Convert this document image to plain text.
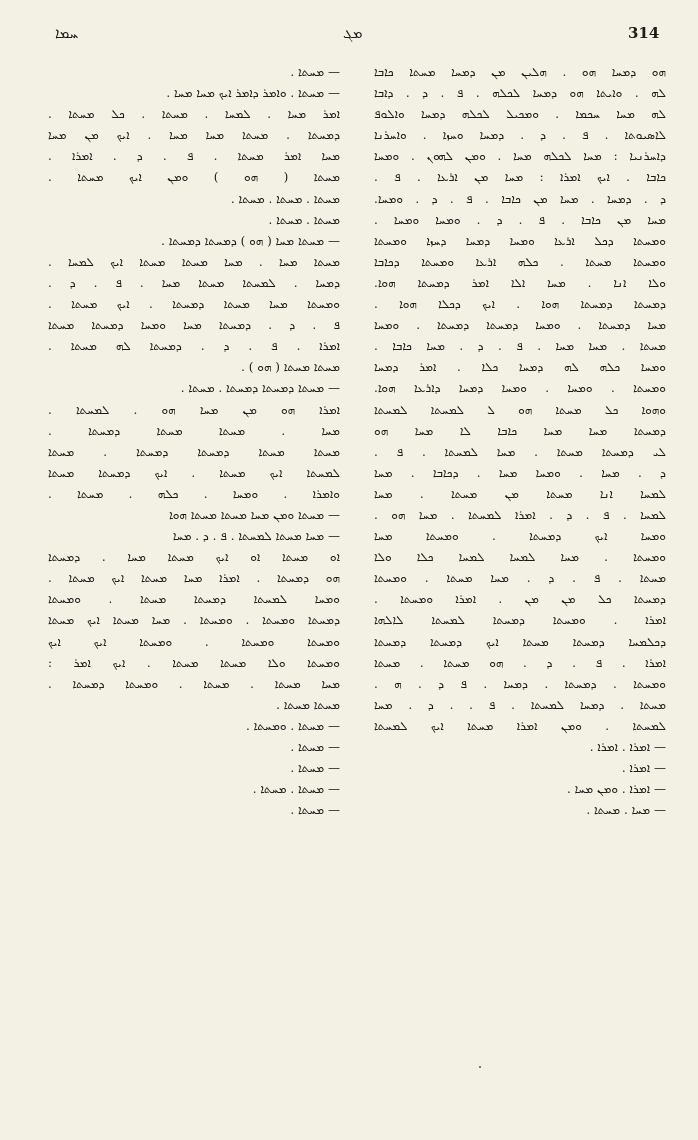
ܚܡܐ	ܡܓ	314
ܗܘ ܕܡܚܐ ܗܘ . ܗܠܝܢ ܡܢ ܕܡܚܐ ܡܚܬܐ ܟܐܒܐ
ܠܗ . ܘܐܝܬܐ ܗܘ ܕܡܚܐ ܠܟܠܗ . ܦ . ܕ . ܕܐܒܐ
ܠܗ ܡܚܐ ܚܟܡܐ . ܘܡܟܝܠ ܠܟܠܗ ܕܡܚܐ ܘܐܠܘܦ
ܠܐܣܝܘܬܐ . ܦ . ܕ . ܕܡܚܐ ܘܚܙܐ . ܘܐܚܪܢܐ
ܕܐܚܪܢܝܐ : ܡܚܐ ܠܟܠܗ ܡܚܐ . ܘܡܢ ܠܗܘܢ . ܘܡܚܐ
ܟܐܒܐ . ܐܝܟ ܐܡܪܐ : ܡܚܐ ܡܢ ܐܪܥܐ . ܦ .
ܕ . ܕܡܚܐ . ܡܚܐ ܡܢ ܟܐܒܐ . ܦ . ܕ . ܘܡܚܐ.
ܡܚܐ ܡܢ ܟܐܒܐ . ܦ . ܕ . ܘܡܚܐ ܘܡܚܐ .
ܘܡܚܬܐ ܕܟܠ ܐܪܥܐ ܘܡܚܐ ܕܡܚܐ ܕܚܙܐ ܘܡܚܬܐ
ܘܡܚܬܐ ܡܚܬܐ . ܟܠܗ ܐܪܥܐ ܘܡܚܬܐ ܕܟܐܒܐ
ܘܠܐ ܐܢܐ . ܡܚܐ ܐܠܐ ܐܡܪ ܕܡܚܬܐ ܗܘܐ.
ܕܡܚܬܐ ܕܡܚܬܐ ܗܘܐ . ܐܝܟ ܕܟܠܐ ܗܘܐ .
ܡܚܐ ܕܡܚܬܐ . ܘܡܚܐ ܕܡܚܬܐ ܕܡܚܬܐ . ܘܡܚܐ
ܡܚܬܐ . ܡܚܐ ܡܚܐ . ܦ . ܕ . ܡܚܐ ܟܐܒܐ .
ܘܡܚܐ ܟܠܗ ܠܗ ܕܡܚܐ ܟܠܐ . ܐܡܪ ܕܡܚܐ
ܘܡܚܬܐ . ܘܡܚܐ . ܘܡܚܐ ܕܡܚܐ ܕܐܪܥܐ ܗܘܐ.
ܘܗܘܐ ܟܠ ܡܚܬܐ ܗܘ ܠ ܠܡܚܬܐ ܠܡܚܬܐ
ܕܡܚܬܐ ܡܚܐ ܡܚܐ ܟܐܒܐ ܠܐ ܡܚܐ ܗܘ
ܠܝ ܕܡܚܬܐ ܡܚܬܐ . ܡܚܐ ܠܡܚܬܐ . ܦ .
ܕ . ܡܚܐ . ܘܡܚܐ ܡܚܐ . ܕܟܐܒܐ . ܡܚܐ
ܠܡܚܐ ܐܢܐ ܡܚܬܐ ܡܢ ܡܚܬܐ . ܡܚܐ
ܠܡܚܐ . ܦ . ܕ . ܐܡܪܐ ܠܡܚܬܐ . ܡܚܐ ܗܘ .
ܘܡܚܐ ܐܝܟ ܕܡܚܬܐ . ܘܡܚܬܐ ܡܚܐ
ܘܡܚܬܐ . ܡܚܐ ܠܡܚܐ ܠܡܚܐ ܟܠܐ ܘܠܐ
ܡܚܬܐ . ܦ . ܕ . ܡܚܐ ܡܚܬܐ . ܘܡܚܬܐ
ܕܡܚܬܐ ܟܠ ܡܢ ܡܢ . ܐܡܪܐ ܘܡܚܬܐ .
ܐܡܪܐ . ܘܡܚܬܐ ܕܡܚܬܐ ܠܡܚܬܐ ܠܐܠܗܐ
ܕܟܠܡܚܐ ܕܡܚܬܐ ܡܚܬܐ ܐܝܟ ܕܡܚܬܐ ܕܡܚܬܐ
ܐܡܪܐ . ܦ . ܕ . ܗܘ ܡܚܬܐ . ܡܚܬܐ
ܘܡܚܬܐ . ܕܡܚܬܐ . ܕܡܚܐ . ܦ ܕ . ܗ .
ܡܚܬܐ . ܕܡܚܐ ܠܡܚܬܐ . ܦ . . ܕ . ܡܚܐ
ܠܡܚܬܐ . ܘܡܢ ܐܡܪܐ ܡܚܬܐ ܐܝܟ ܠܡܚܬܐ
— ܐܡܪܐ . ܐܡܪܐ .
— ܐܡܪܐ .
— ܐܡܪܐ . ܘܡܢ ܡܚܐ .
— ܡܚܐ . ܡܚܬܐ .
— ܡܚܬܐ .
— ܡܚܬܐ . ܘܐܡܪ ܕܐܡܪ ܐܝܟ ܡܚܐ ܡܚܐ .
ܐܡܪ ܡܚܐ . ܠܡܚܐ . ܡܚܬܐ . ܟܠ ܡܚܬܐ .
ܕܡܚܬܐ . ܡܚܬܐ ܡܚܐ ܡܚܐ . ܐܝܟ ܡܢ ܡܚܐ
ܡܚܐ ܐܡܪ ܡܚܬܐ . ܦ . ܕ . ܐܡܪܐ .
ܡܚܬܐ ( ܗܘ ) ܘܡܢ ܐܝܟ ܡܚܬܐ .
ܡܚܬܐ . ܡܚܬܐ . ܡܚܬܐ .
ܡܚܬܐ . ܡܚܬܐ .
— ܡܚܬܐ ܡܚܐ ( ܗܘ ) ܕܡܚܬܐ ܕܡܚܬܐ .
ܡܚܬܐ ܡܚܐ . ܡܚܐ ܡܚܬܐ ܡܚܬܐ ܐܝܟ ܠܡܚܐ .
ܕܡܚܐ . ܠܡܚܬܐ ܡܚܬܐ ܡܚܐ . ܦ . ܕ .
ܘܡܚܬܐ ܡܚܐ ܡܚܬܐ ܕܡܚܬܐ . ܐܝܟ ܡܚܬܐ .
ܦ . ܕ . ܕܡܚܬܐ ܡܚܐ ܘܡܚܐ ܕܡܚܬܐ ܡܚܬܐ
ܐܡܪܐ . ܦ . ܕ . ܕܡܚܬܐ ܠܗ ܡܚܬܐ .
ܡܚܬܐ ܡܚܬܐ ( ܗܘ ) .
— ܡܚܬܐ ܕܡܚܬܐ ܕܡܚܬܐ . ܡܚܬܐ .
ܐܡܪܐ ܗܘ ܡܢ ܡܚܐ ܗܘ . ܠܡܚܬܐ .
ܡܚܐ . ܡܚܬܐ ܡܚܬܐ ܕܡܚܬܐ .
ܡܚܬܐ ܡܚܬܐ ܕܡܚܬܐ ܕܡܚܬܐ . ܡܚܬܐ
ܠܡܚܬܐ ܐܝܟ ܡܚܬܐ . ܐܝܟ ܕܡܚܬܐ ܡܚܬܐ
ܘܐܡܪܐ . ܘܡܚܐ . ܟܠܗ . ܡܚܬܐ .
— ܡܚܬܐ ܘܡܢ ܡܚܐ ܡܚܬܐ ܡܚܬܐ ܗܘܐ
— ܡܚܐ ܡܚܬܐ ܠܡܚܬܐ . ܦ . ܕ . ܡܚܐ
ܐܘ ܡܚܬܐ ܐܘ ܐܝܟ ܡܚܬܐ ܡܚܐ . ܕܡܚܬܐ
ܗܘ ܕܡܚܬܐ . ܐܡܪܐ ܡܚܐ ܡܚܬܐ ܐܝܟ ܡܚܬܐ .
ܘܡܚܐ ܠܡܚܬܐ ܕܡܚܬܐ ܡܚܬܐ . ܘܡܚܬܐ
ܕܡܚܬܐ ܘܡܚܬܐ . ܘܡܚܬܐ . ܡܚܐ ܡܚܬܐ ܐܝܟ ܡܚܬܐ
ܘܡܚܬܐ ܘܡܚܬܐ . ܘܡܚܬܐ ܐܝܟ ܐܝܟ
ܘܡܚܬܐ ܘܠܐ ܡܚܬܐ ܡܚܬܐ . ܐܝܟ ܐܡܪ :
ܡܚܐ ܡܚܬܐ . ܡܚܬܐ . ܘܡܚܬܐ ܕܡܚܬܐ .
ܡܚܬܐ ܡܚܬܐ .
— ܡܚܬܐ . ܘܡܚܬܐ .
— ܡܚܬܐ .
— ܡܚܬܐ .
— ܡܚܬܐ . ܡܚܬܐ .
— ܡܚܬܐ .
